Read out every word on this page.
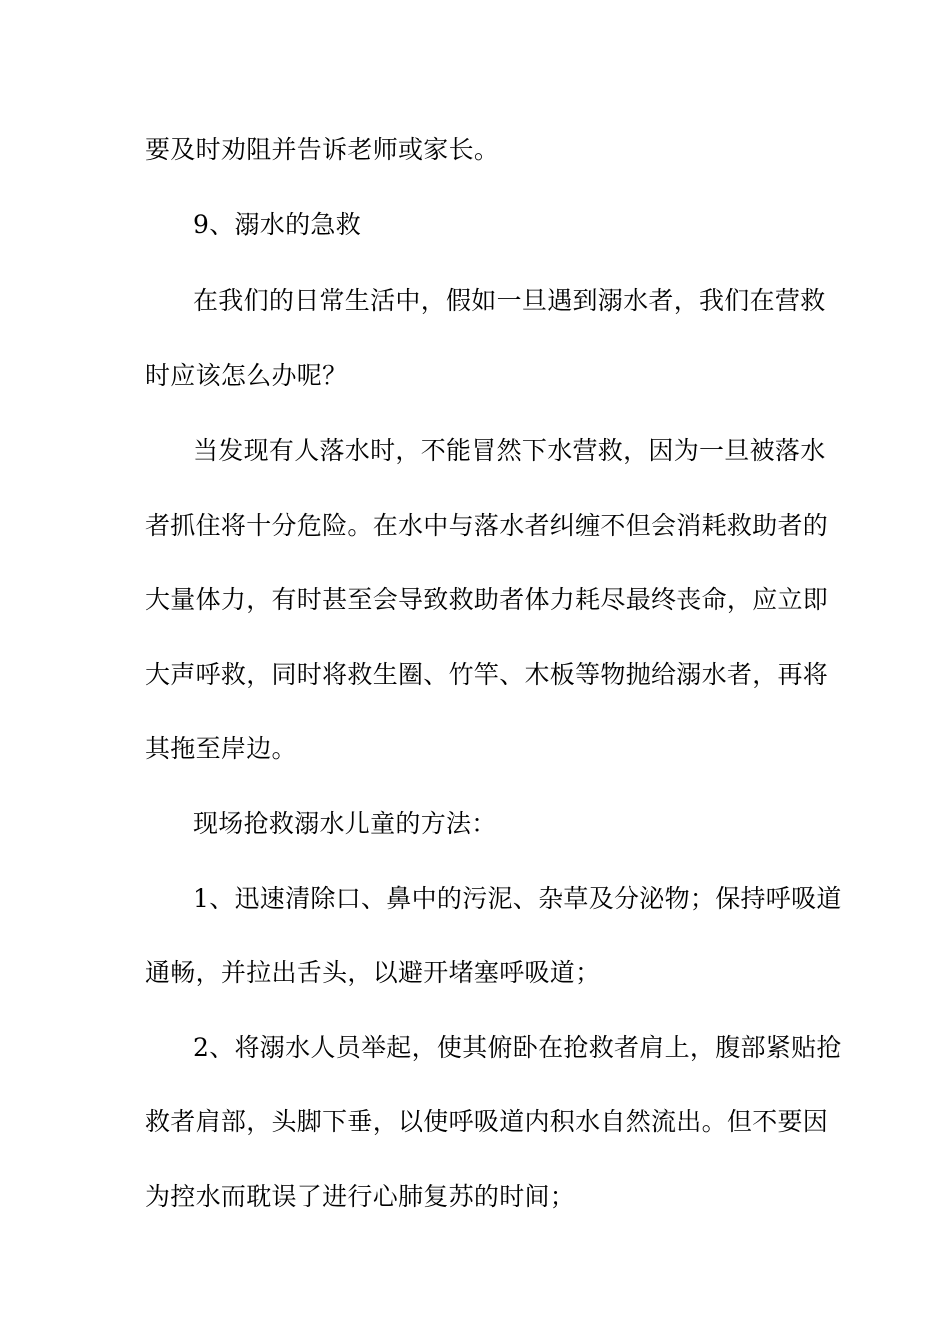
要及时劝阻并告诉老师或家长。

9、溺水的急救

在我们的日常生活中，假如一旦遇到溺水者，我们在营救

时应该怎么办呢？

当发现有人落水时，不能冒然下水营救，因为一旦被落水

者抓住将十分危险。在水中与落水者纠缠不但会消耗救助者的

大量体力，有时甚至会导致救助者体力耗尽最终丧命，应立即

大声呼救，同时将救生圈、竹竿、木板等物抛给溺水者，再将

其拖至岸边。

现场抢救溺水儿童的方法：

1、迅速清除口、鼻中的污泥、杂草及分泌物；保持呼吸道

通畅，并拉出舌头，以避开堵塞呼吸道；

2、将溺水人员举起，使其俯卧在抢救者肩上，腹部紧贴抢

救者肩部，头脚下垂，以使呼吸道内积水自然流出。但不要因

为控水而耽误了进行心肺复苏的时间；
